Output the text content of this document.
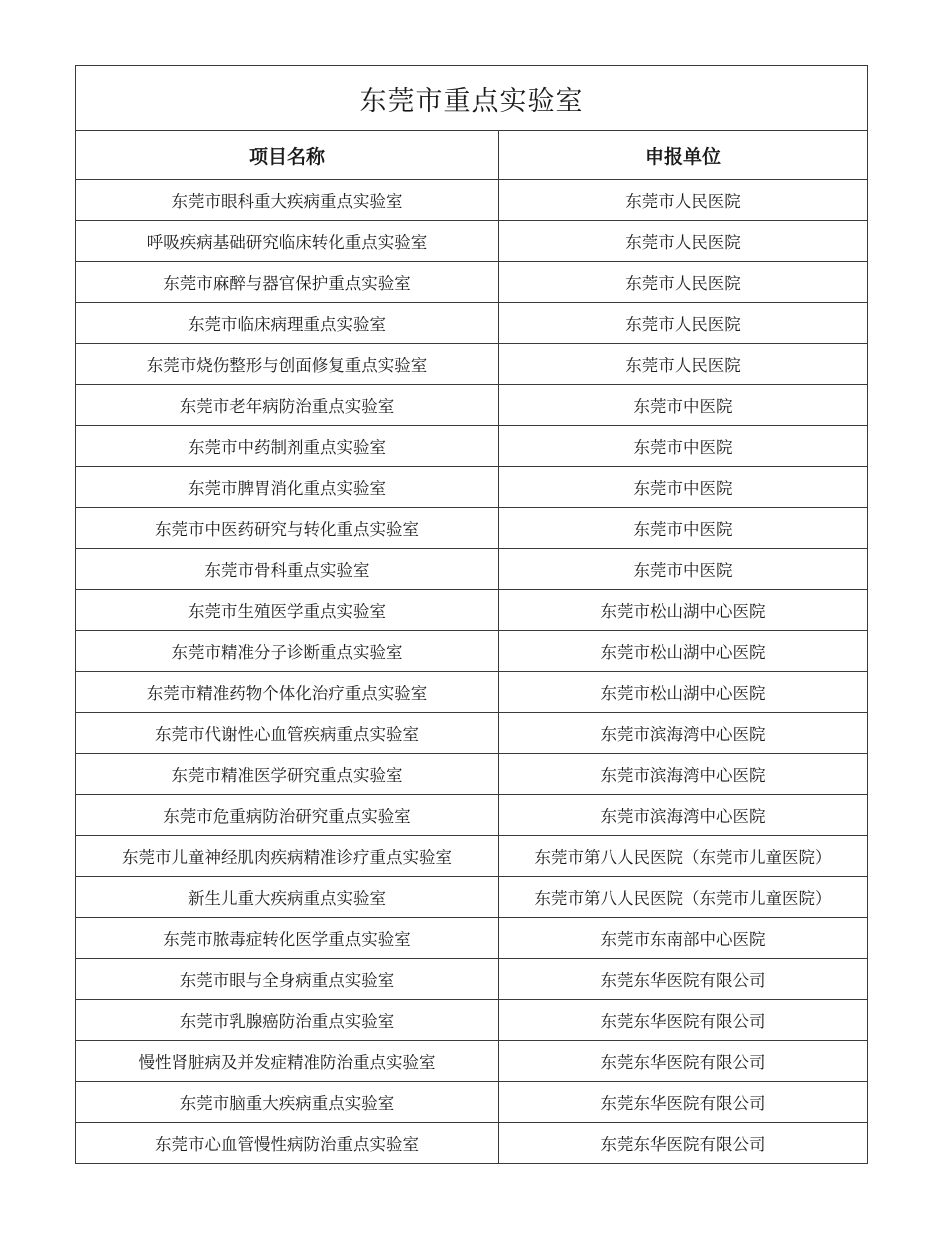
东莞市重点实验室	
项目名称	申报单位
东莞市眼科重大疾病重点实验室	东莞市人民医院
呼吸疾病基础研究临床转化重点实验室	东莞市人民医院
东莞市麻醉与器官保护重点实验室	东莞市人民医院
东莞市临床病理重点实验室	东莞市人民医院
东莞市烧伤整形与创面修复重点实验室	东莞市人民医院
东莞市老年病防治重点实验室	东莞市中医院
东莞市中药制剂重点实验室	东莞市中医院
东莞市脾胃消化重点实验室	东莞市中医院
东莞市中医药研究与转化重点实验室	东莞市中医院
东莞市骨科重点实验室	东莞市中医院
东莞市生殖医学重点实验室	东莞市松山湖中心医院
东莞市精准分子诊断重点实验室	东莞市松山湖中心医院
东莞市精准药物个体化治疗重点实验室	东莞市松山湖中心医院
东莞市代谢性心血管疾病重点实验室	东莞市滨海湾中心医院
东莞市精准医学研究重点实验室	东莞市滨海湾中心医院
东莞市危重病防治研究重点实验室	东莞市滨海湾中心医院
东莞市儿童神经肌肉疾病精准诊疗重点实验室	东莞市第八人民医院（东莞市儿童医院）
新生儿重大疾病重点实验室	东莞市第八人民医院（东莞市儿童医院）
东莞市脓毒症转化医学重点实验室	东莞市东南部中心医院
东莞市眼与全身病重点实验室	东莞东华医院有限公司
东莞市乳腺癌防治重点实验室	东莞东华医院有限公司
慢性肾脏病及并发症精准防治重点实验室	东莞东华医院有限公司
东莞市脑重大疾病重点实验室	东莞东华医院有限公司
东莞市心血管慢性病防治重点实验室	东莞东华医院有限公司
